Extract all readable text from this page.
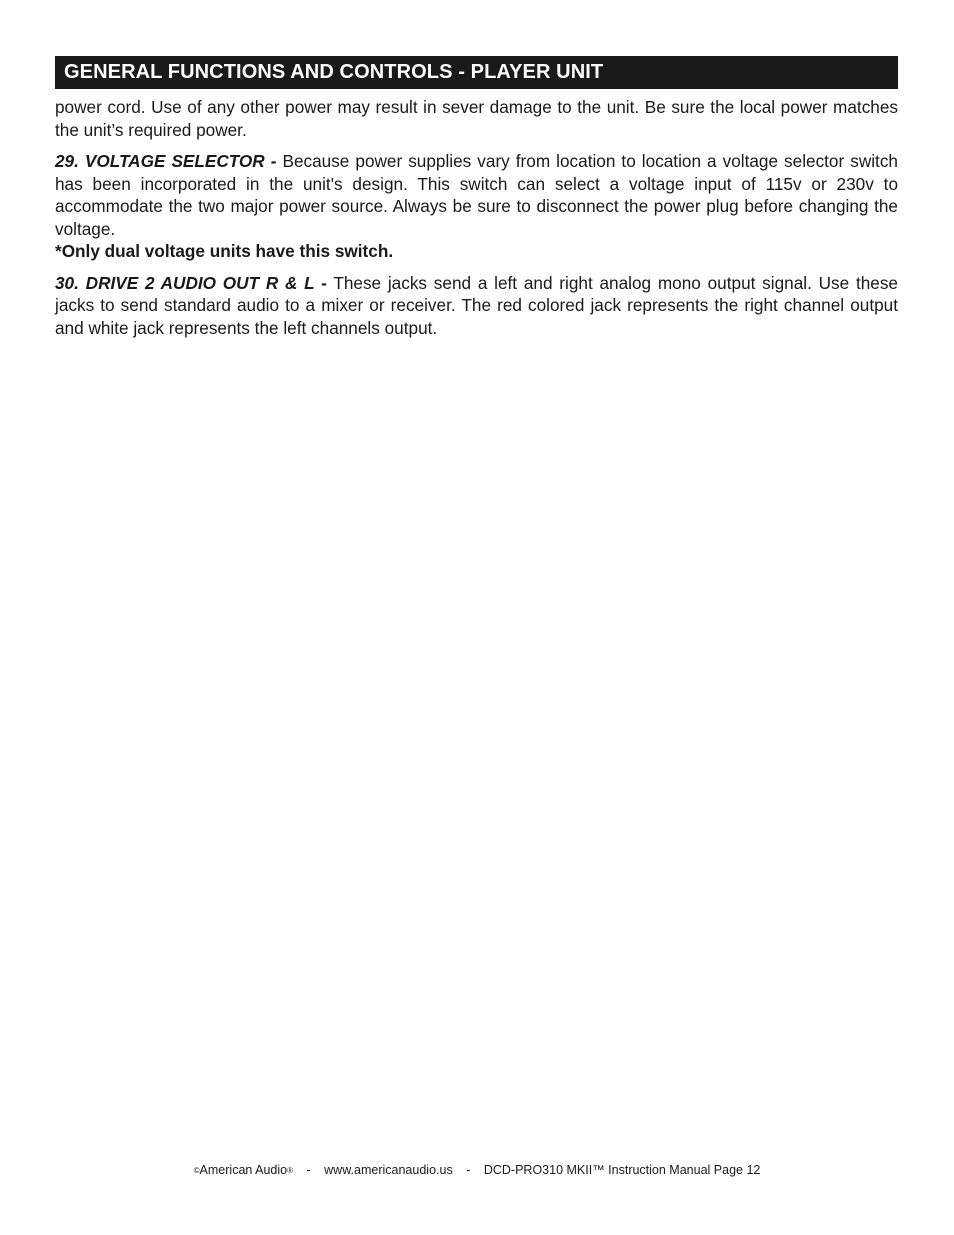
GENERAL FUNCTIONS AND CONTROLS - PLAYER UNIT

power cord. Use of any other power may result in sever damage to the unit. Be sure the local power matches the unit’s required power.

29. VOLTAGE SELECTOR - Because power supplies vary from location to location a voltage selector switch has been incorporated in the unit's design. This switch can select a voltage input of 115v or 230v to accommodate the two major power source. Always be sure to disconnect the power plug before changing the voltage.
*Only dual voltage units have this switch.

30. DRIVE 2 AUDIO OUT R & L - These jacks send a left and right analog mono output signal. Use these jacks to send standard audio to a mixer or receiver. The red colored jack represents the right channel output and white jack represents the left channels output.

©American Audio® - www.americanaudio.us - DCD-PRO310 MKII™ Instruction Manual Page 12
